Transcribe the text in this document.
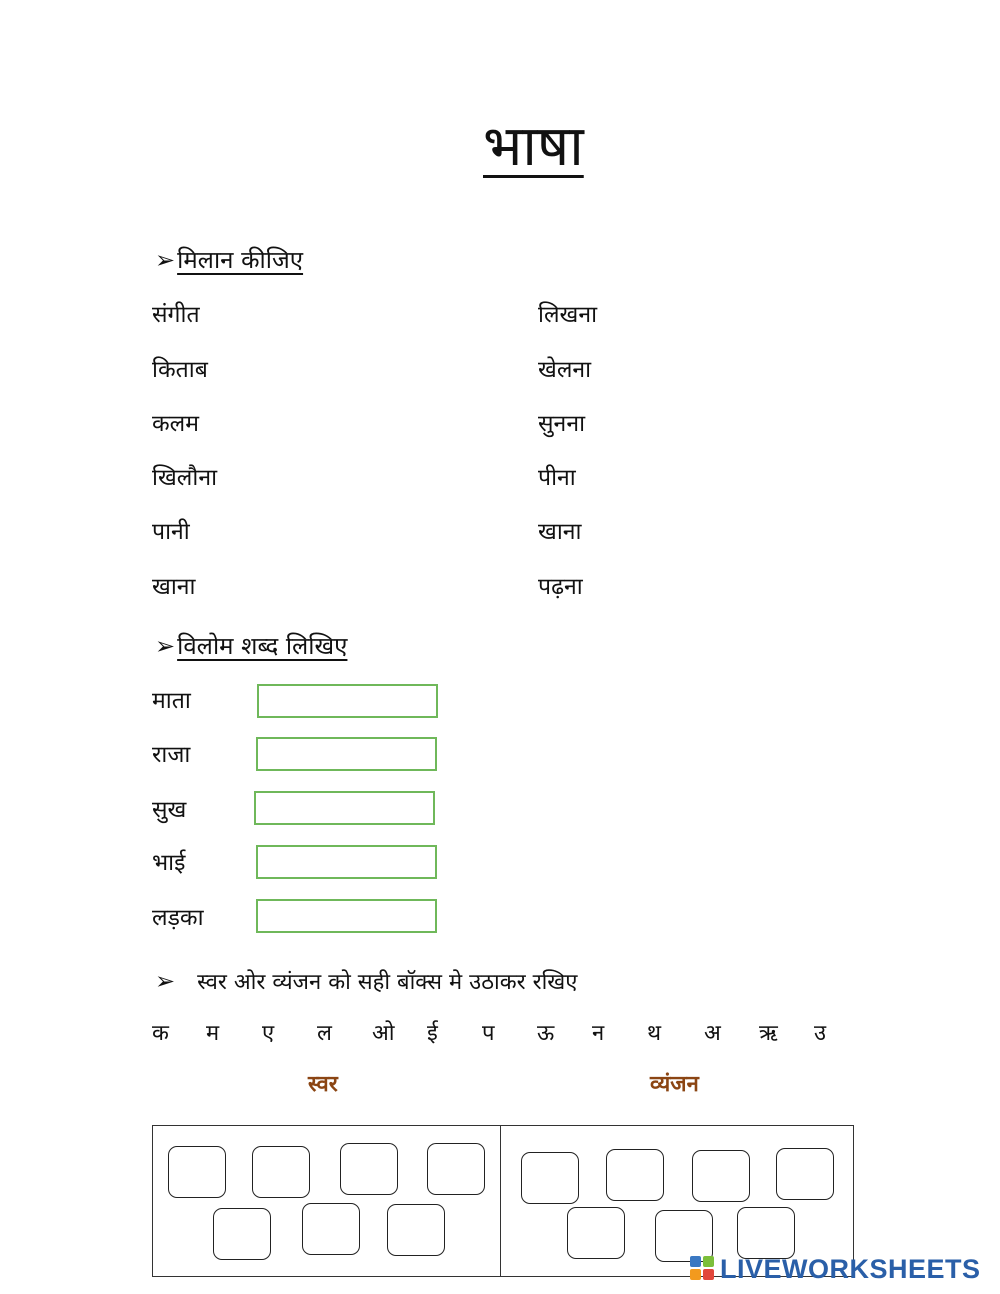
भाषा
➢मिलान कीजिए
संगीत
किताब
कलम
खिलौना
पानी
खाना
लिखना
खेलना
सुनना
पीना
खाना
पढ़ना
➢विलोम शब्द लिखिए
माता
राजा
सुख
भाई
लड़का
➢ स्वर ओर व्यंजन को सही बॉक्स मे उठाकर रखिए
क म ए ल ओ ई प ऊ न थ अ ऋ उ
स्वर	व्यंजन
LIVE WORKSHEETS
